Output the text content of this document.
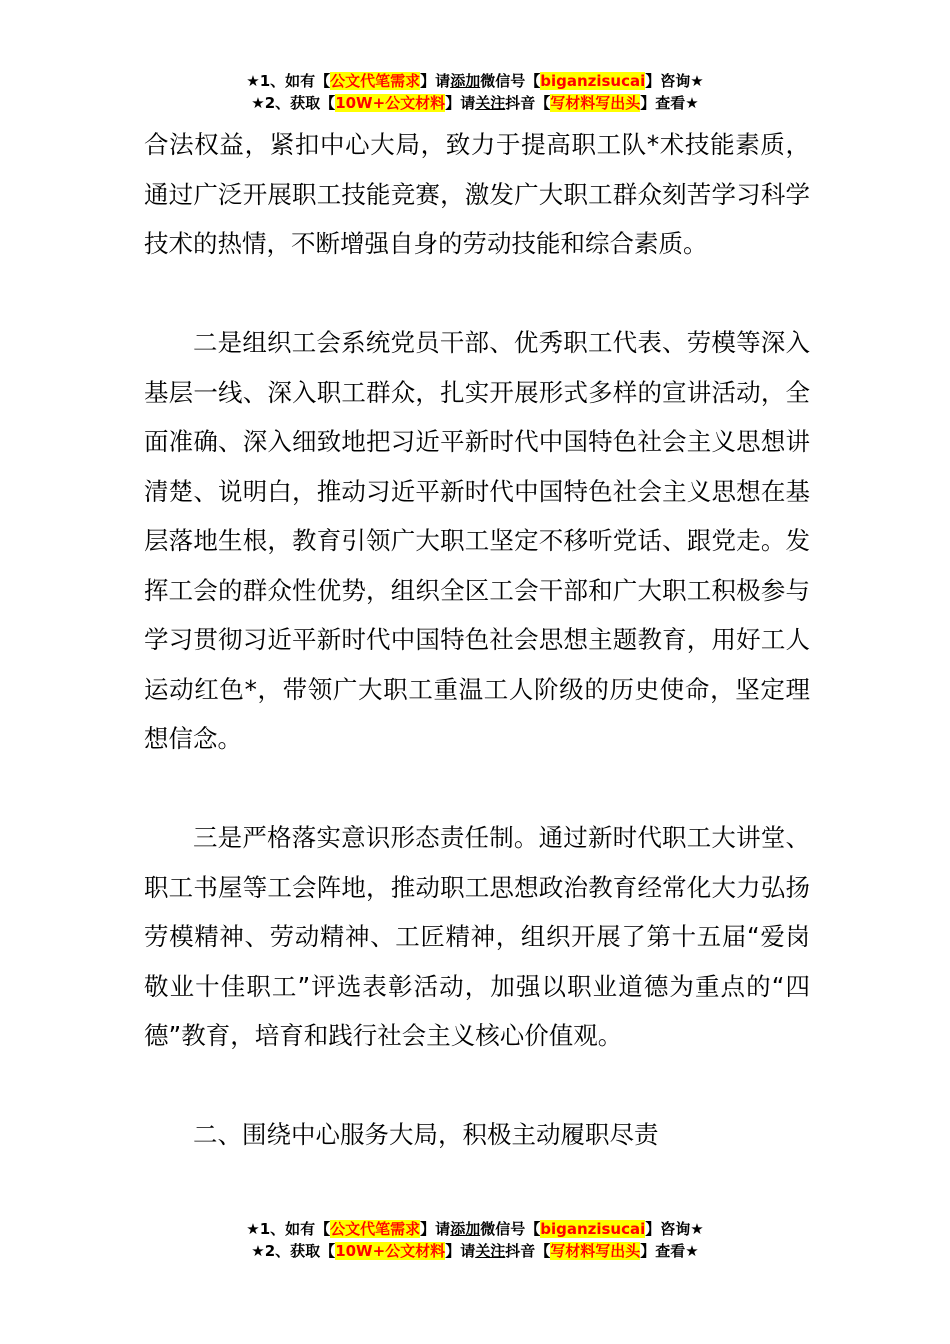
★1、如有【公文代笔需求】请添加微信号【biganzisucai】咨询★
★2、获取【10W+公文材料】请关注抖音【写材料写出头】查看★

合法权益，紧扣中心大局，致力于提高职工队*术技能素质，通过广泛开展职工技能竞赛，激发广大职工群众刻苦学习科学技术的热情，不断增强自身的劳动技能和综合素质。

二是组织工会系统党员干部、优秀职工代表、劳模等深入基层一线、深入职工群众，扎实开展形式多样的宣讲活动，全面准确、深入细致地把习近平新时代中国特色社会主义思想讲清楚、说明白，推动习近平新时代中国特色社会主义思想在基层落地生根，教育引领广大职工坚定不移听党话、跟党走。发挥工会的群众性优势，组织全区工会干部和广大职工积极参与学习贯彻习近平新时代中国特色社会思想主题教育，用好工人运动红色*，带领广大职工重温工人阶级的历史使命，坚定理想信念。

三是严格落实意识形态责任制。通过新时代职工大讲堂、职工书屋等工会阵地，推动职工思想政治教育经常化大力弘扬劳模精神、劳动精神、工匠精神，组织开展了第十五届“爱岗敬业十佳职工”评选表彰活动，加强以职业道德为重点的“四德”教育，培育和践行社会主义核心价值观。

二、围绕中心服务大局，积极主动履职尽责

★1、如有【公文代笔需求】请添加微信号【biganzisucai】咨询★
★2、获取【10W+公文材料】请关注抖音【写材料写出头】查看★
